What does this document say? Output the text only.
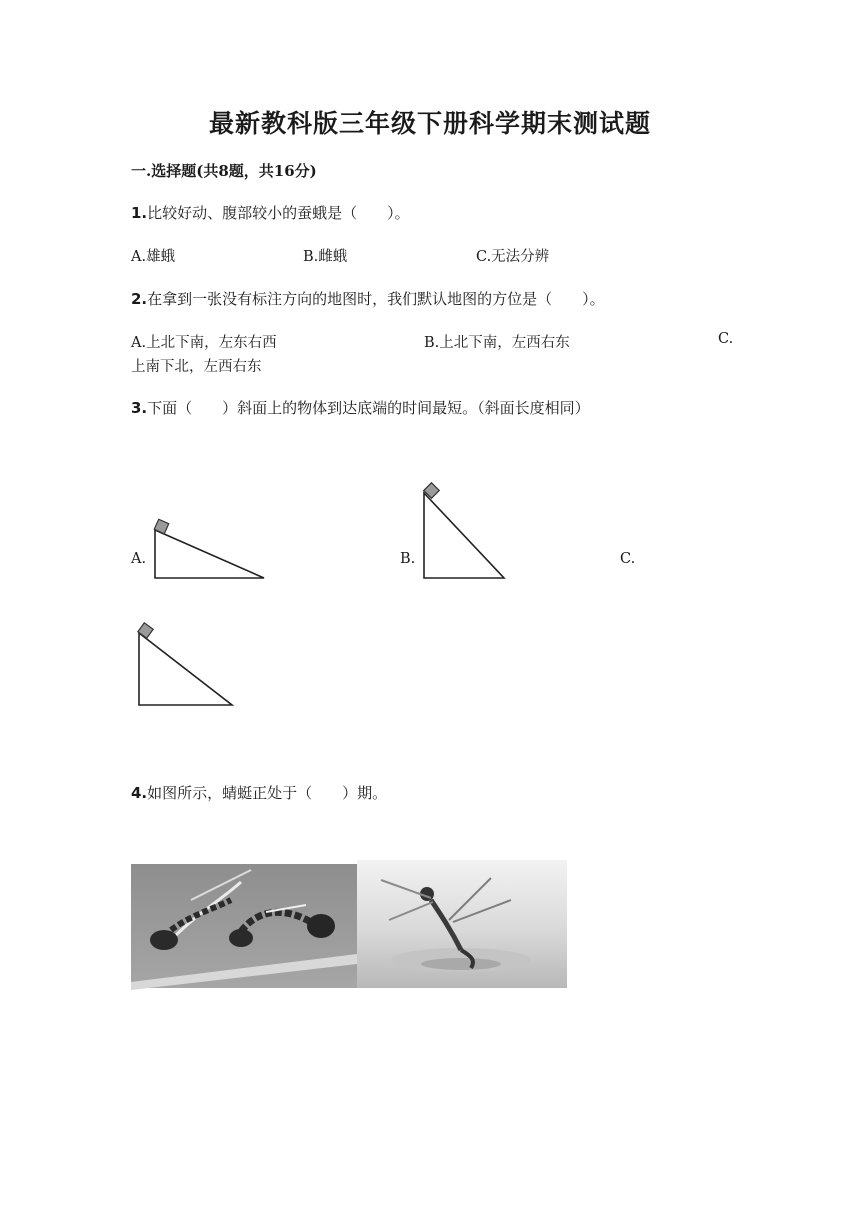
最新教科版三年级下册科学期末测试题
一.选择题(共8题，共16分)
1.比较好动、腹部较小的蚕蛾是（　　）。
A.雄蛾	B.雌蛾	C.无法分辨
2.在拿到一张没有标注方向的地图时，我们默认地图的方位是（　　）。
A.上北下南，左东右西	B.上北下南，左西右东	C.
上南下北，左西右东
3.下面（　　）斜面上的物体到达底端的时间最短。（斜面长度相同）
A.	B.	C.
4.如图所示，蜻蜓正处于（　　）期。
